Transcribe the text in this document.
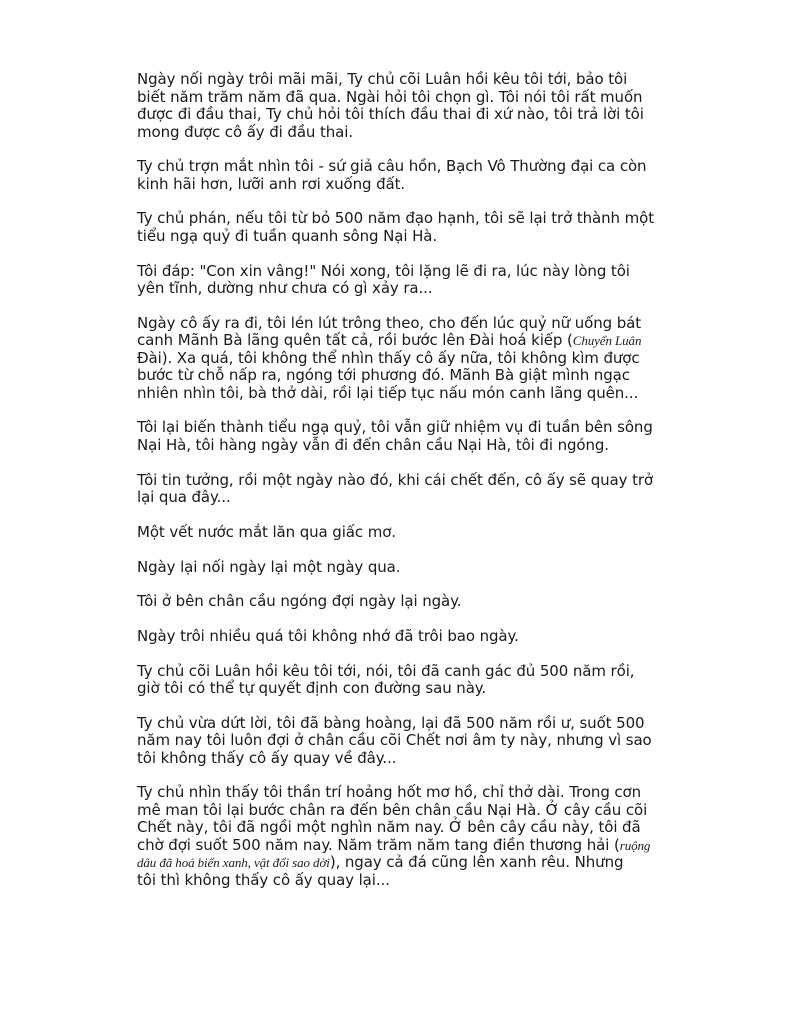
Ngày nối ngày trôi mãi mãi, Ty chủ cõi Luân hồi kêu tôi tới, bảo tôi
biết năm trăm năm đã qua. Ngài hỏi tôi chọn gì. Tôi nói tôi rất muốn
được đi đầu thai, Ty chủ hỏi tôi thích đầu thai đi xứ nào, tôi trả lời tôi
mong được cô ấy đi đầu thai.

Ty chủ trợn mắt nhìn tôi - sứ giả câu hồn, Bạch Vô Thường đại ca còn
kinh hãi hơn, lưỡi anh rơi xuống đất.

Ty chủ phán, nếu tôi từ bỏ 500 năm đạo hạnh, tôi sẽ lại trở thành một
tiểu ngạ quỷ đi tuần quanh sông Nại Hà.

Tôi đáp: "Con xin vâng!" Nói xong, tôi lặng lẽ đi ra, lúc này lòng tôi
yên tĩnh, dường như chưa có gì xảy ra...

Ngày cô ấy ra đi, tôi lén lút trông theo, cho đến lúc quỷ nữ uống bát
canh Mãnh Bà lãng quên tất cả, rồi bước lên Đài hoá kiếp (Chuyển Luân
Đài). Xa quá, tôi không thể nhìn thấy cô ấy nữa, tôi không kìm được
bước từ chỗ nấp ra, ngóng tới phương đó. Mãnh Bà giật mình ngạc
nhiên nhìn tôi, bà thở dài, rồi lại tiếp tục nấu món canh lãng quên...

Tôi lại biến thành tiểu ngạ quỷ, tôi vẫn giữ nhiệm vụ đi tuần bên sông
Nại Hà, tôi hàng ngày vẫn đi đến chân cầu Nại Hà, tôi đi ngóng.

Tôi tin tưởng, rồi một ngày nào đó, khi cái chết đến, cô ấy sẽ quay trở
lại qua đây...

Một vết nước mắt lăn qua giấc mơ.

Ngày lại nối ngày lại một ngày qua.

Tôi ở bên chân cầu ngóng đợi ngày lại ngày.

Ngày trôi nhiều quá tôi không nhớ đã trôi bao ngày.

Ty chủ cõi Luân hồi kêu tôi tới, nói, tôi đã canh gác đủ 500 năm rồi,
giờ tôi có thể tự quyết định con đường sau này.

Ty chủ vừa dứt lời, tôi đã bàng hoàng, lại đã 500 năm rồi ư, suốt 500
năm nay tôi luôn đợi ở chân cầu cõi Chết nơi âm ty này, nhưng vì sao
tôi không thấy cô ấy quay về đây...

Ty chủ nhìn thấy tôi thần trí hoảng hốt mơ hồ, chỉ thở dài. Trong cơn
mê man tôi lại bước chân ra đến bên chân cầu Nại Hà. Ở cây cầu cõi
Chết này, tôi đã ngồi một nghìn năm nay. Ở bên cây cầu này, tôi đã
chờ đợi suốt 500 năm nay. Năm trăm năm tang điền thương hải (ruộng
dâu đã hoá biển xanh, vật đổi sao dời), ngay cả đá cũng lên xanh rêu. Nhưng
tôi thì không thấy cô ấy quay lại...
